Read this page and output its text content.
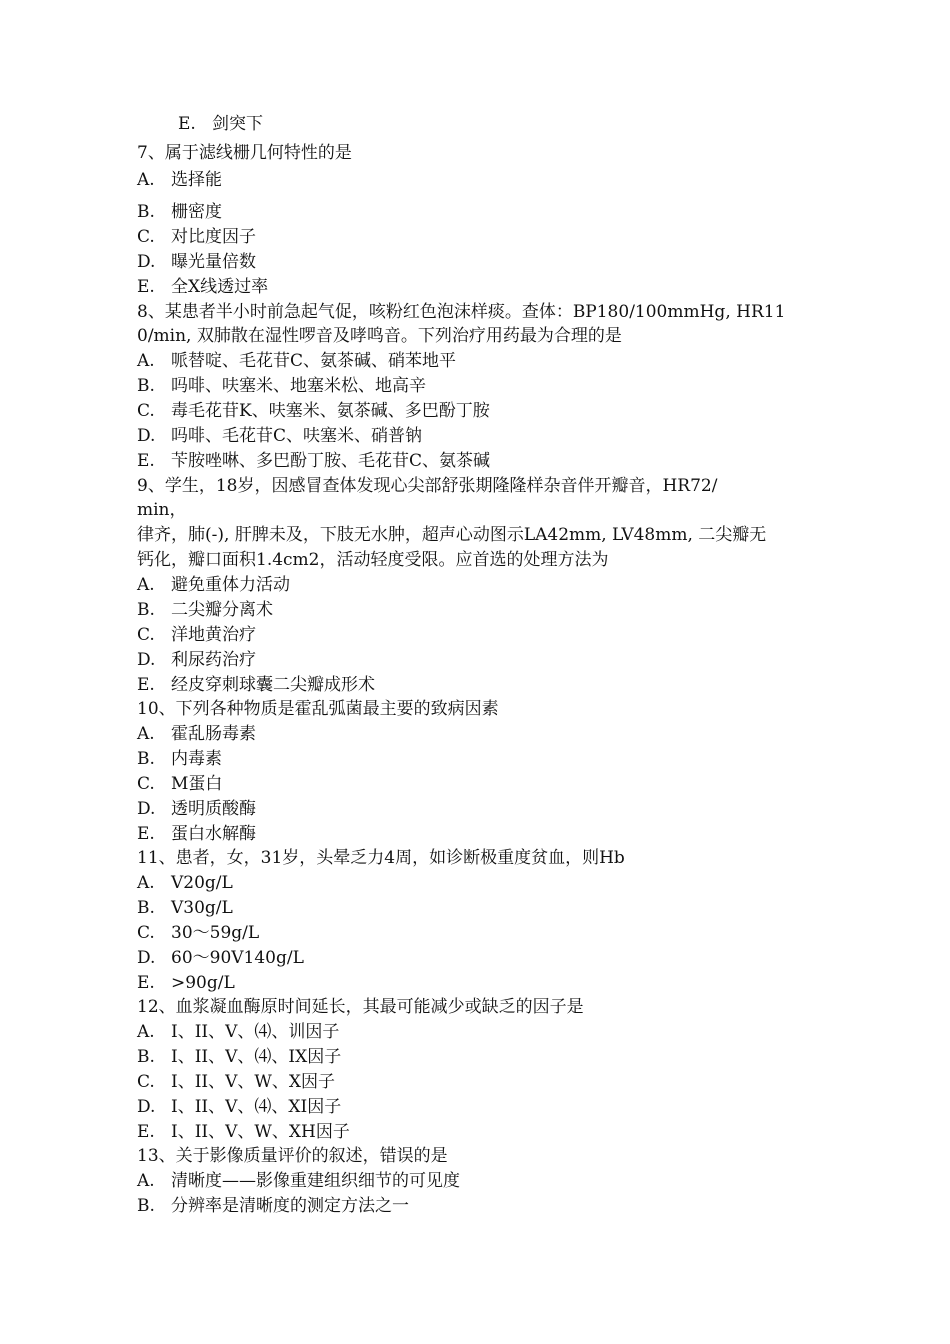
E. 剑突下
7、属于滤线栅几何特性的是
A. 选择能
B. 栅密度
C. 对比度因子
D. 曝光量倍数
E. 全X线透过率
8、某患者半小时前急起气促，咳粉红色泡沫样痰。查体：BP180/100mmHg, HR11
0/min, 双肺散在湿性啰音及哮鸣音。下列治疗用药最为合理的是
A. 哌替啶、毛花苷C、氨茶碱、硝苯地平
B. 吗啡、呋塞米、地塞米松、地高辛
C. 毒毛花苷K、呋塞米、氨茶碱、多巴酚丁胺
D. 吗啡、毛花苷C、呋塞米、硝普钠
E. 苄胺唑啉、多巴酚丁胺、毛花苷C、氨茶碱
9、学生，18岁，因感冒查体发现心尖部舒张期隆隆样杂音伴开瓣音，HR72/
min，
律齐，肺(-), 肝脾未及，下肢无水肿，超声心动图示LA42mm, LV48mm, 二尖瓣无
钙化，瓣口面积1.4cm2，活动轻度受限。应首选的处理方法为
A. 避免重体力活动
B. 二尖瓣分离术
C. 洋地黄治疗
D. 利尿药治疗
E. 经皮穿刺球囊二尖瓣成形术
10、下列各种物质是霍乱弧菌最主要的致病因素
A. 霍乱肠毒素
B. 内毒素
C. M蛋白
D. 透明质酸酶
E. 蛋白水解酶
11、患者，女，31岁，头晕乏力4周，如诊断极重度贫血，则Hb
A. V20g/L
B. V30g/L
C. 30〜59g/L
D. 60〜90V140g/L
E. >90g/L
12、血浆凝血酶原时间延长，其最可能减少或缺乏的因子是
A. I、II、V、⑷、训因子
B. I、II、V、⑷、IX因子
C. I、II、V、W、X因子
D. I、II、V、⑷、XI因子
E. I、II、V、W、XH因子
13、关于影像质量评价的叙述，错误的是
A. 清晰度——影像重建组织细节的可见度
B. 分辨率是清晰度的测定方法之一
